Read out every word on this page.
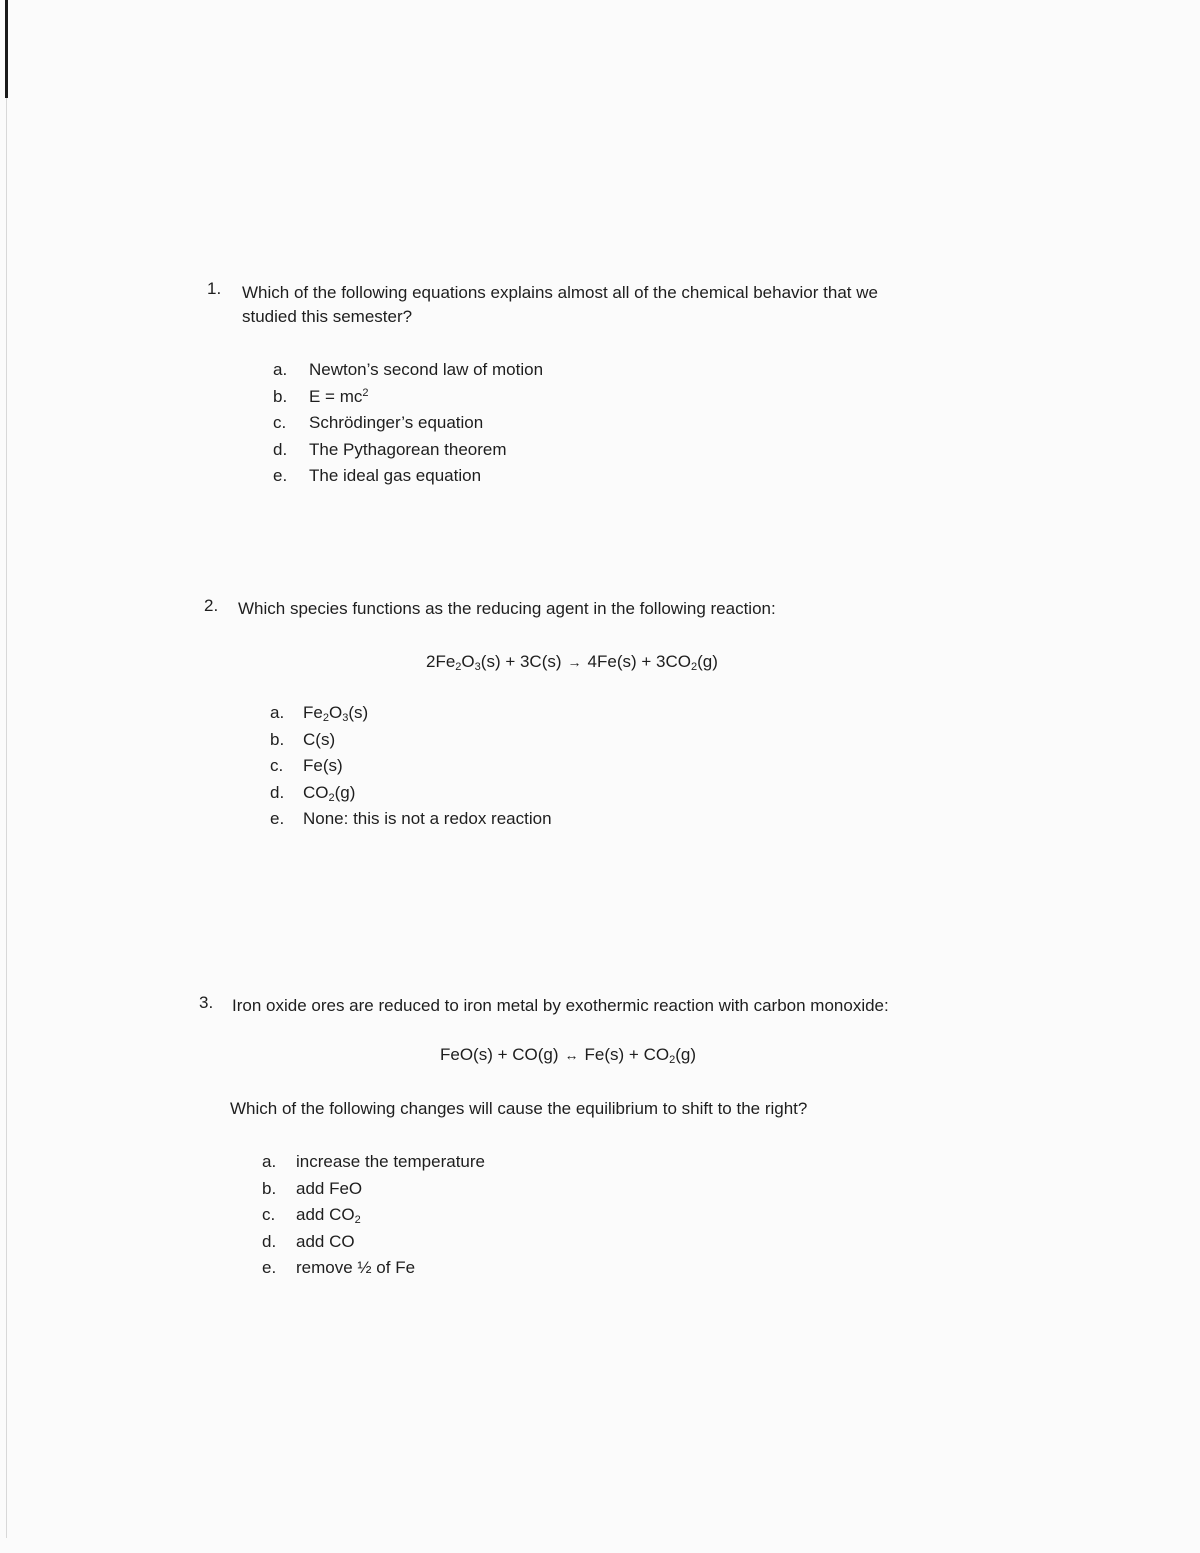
1. Which of the following equations explains almost all of the chemical behavior that we
studied this semester?
a. Newton’s second law of motion
b. $E = mc^2$
c. Schrödinger’s equation
d. The Pythagorean theorem
e. The ideal gas equation
2. Which species functions as the reducing agent in the following reaction:
$2Fe_2O_3(s) + 3C(s) \to 4Fe(s) + 3CO_2(g)$
a. $Fe_2O_3(s)$
b. C(s)
c. Fe(s)
d. $CO_2(g)$
e. None: this is not a redox reaction
3. Iron oxide ores are reduced to iron metal by exothermic reaction with carbon monoxide:
FeO(s) + CO(g) ↔ $Fe(s) + CO_2(g)$
Which of the following changes will cause the equilibrium to shift to the right?
a. increase the temperature
b. add FeO
c. add $CO_2$
d. add CO
e. remove ½ of Fe
